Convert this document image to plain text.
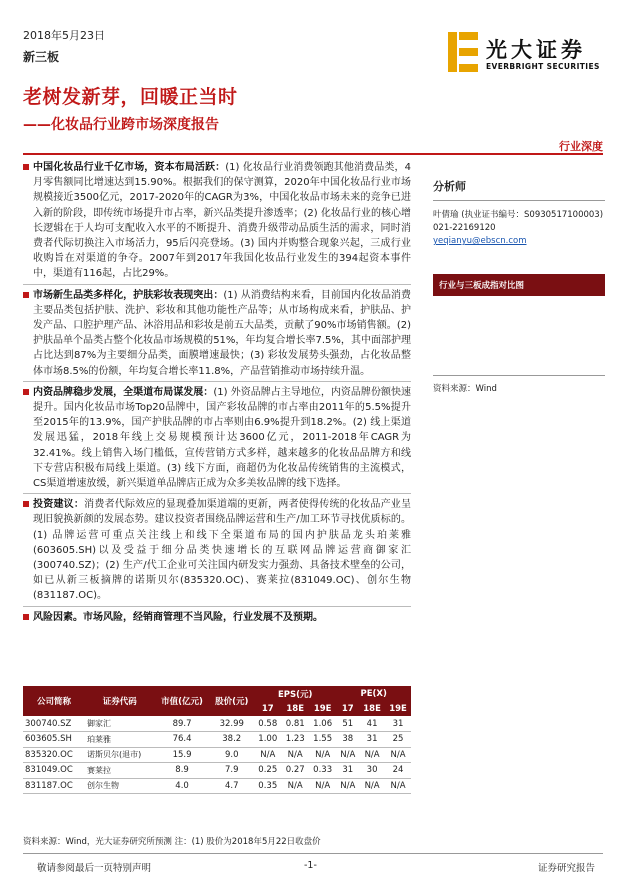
2018年5月23日
新三板
老树发新芽，回暖正当时
——化妆品行业跨市场深度报告
光大证券
EVERBRIGHT SECURITIES
行业深度
中国化妆品行业千亿市场，资本布局活跃：(1) 化妆品行业消费领跑其他消费品类，4月零售额同比增速达到15.90%。根据我们的保守测算，2020年中国化妆品行业市场规模接近3500亿元，2017-2020年的CAGR为3%，中国化妆品市场未来的竞争已进入新的阶段，即传统市场提升市占率，新兴品类提升渗透率；(2) 化妆品行业的核心增长逻辑在于人均可支配收入水平的不断提升、消费升级带动品质生活的需求，同时消费者代际切换注入市场活力，95后闪亮登场。(3) 国内并购整合现象兴起，三成行业收购旨在对渠道的争夺。2007年到2017年我国化妆品行业发生的394起资本事件中，渠道有116起，占比29%。
市场新生品类多样化，护肤彩妆表现突出：(1) 从消费结构来看，目前国内化妆品消费主要品类包括护肤、洗护、彩妆和其他功能性产品等；从市场构成来看，护肤品、护发产品、口腔护理产品、沐浴用品和彩妆是前五大品类，贡献了90%市场销售额。(2) 护肤品单个品类占整个化妆品市场规模的51%，年均复合增长率7.5%，其中面部护理占比达到87%为主要细分品类，面膜增速最快；(3) 彩妆发展势头强劲，占化妆品整体市场8.5%的份额，年均复合增长率11.8%，产品营销推动市场持续升温。
内资品牌稳步发展，全渠道布局谋发展：(1) 外资品牌占主导地位，内资品牌份额快速提升。国内化妆品市场Top20品牌中，国产彩妆品牌的市占率由2011年的5.5%提升至2015年的13.9%，国产护肤品牌的市占率则由6.9%提升到18.2%。(2) 线上渠道发展迅猛，2018年线上交易规模预计达3600亿元，2011-2018年CAGR为32.41%。线上销售入场门槛低，宣传营销方式多样，越来越多的化妆品品牌方和线下专营店积极布局线上渠道。(3) 线下方面，商超仍为化妆品传统销售的主流模式，CS渠道增速放缓，新兴渠道单品牌店正成为众多美妆品牌的线下选择。
投资建议：消费者代际效应的显现叠加渠道端的更新，两者使得传统的化妆品产业呈现旧貌换新颜的发展态势。建议投资者围绕品牌运营和生产/加工环节寻找优质标的。(1) 品牌运营可重点关注线上和线下全渠道布局的国内护肤品龙头珀莱雅(603605.SH)以及受益于细分品类快速增长的互联网品牌运营商御家汇(300740.SZ)；(2) 生产/代工企业可关注国内研发实力强劲、具备技术壁垒的公司，如已从新三板摘牌的诺斯贝尔(835320.OC)、赛莱拉(831049.OC)、创尔生物(831187.OC)。
风险因素。市场风险，经销商管理不当风险，行业发展不及预期。
分析师
叶倩瑜 (执业证书编号：S0930517100003)
021-22169120
yeqianyu@ebscn.com
行业与三板成指对比图
资料来源：Wind
公司简称	证券代码	市值(亿元)	股价(元)	EPS(元)			PE(X)		
				17	18E	19E	17	18E	19E
300740.SZ	御家汇	89.7	32.99	0.58	0.81	1.06	51	41	31
603605.SH	珀莱雅	76.4	38.2	1.00	1.23	1.55	38	31	25
835320.OC	诺斯贝尔(退市)	15.9	9.0	N/A	N/A	N/A	N/A	N/A	N/A
831049.OC	赛莱拉	8.9	7.9	0.25	0.27	0.33	31	30	24
831187.OC	创尔生物	4.0	4.7	0.35	N/A	N/A	N/A	N/A	N/A
资料来源：Wind，光大证券研究所预测 注：(1) 股价为2018年5月22日收盘价
敬请参阅最后一页特别声明	-1-	证券研究报告
